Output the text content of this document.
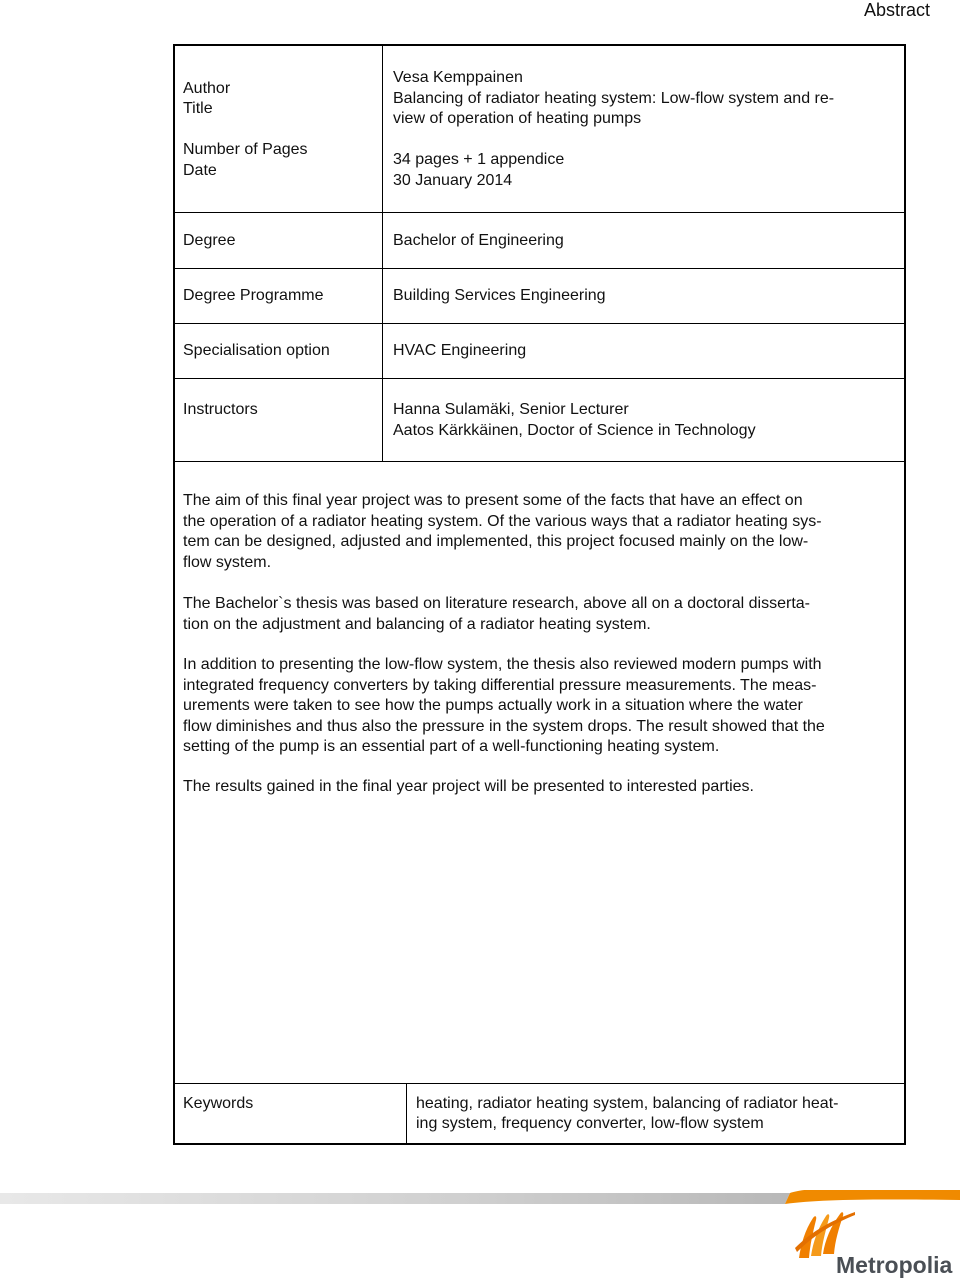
Abstract
Author
Title
Number of Pages
Date
Degree
Degree Programme
Specialisation option
Instructors
Vesa Kemppainen
Balancing of radiator heating system: Low-flow system and re-
view of operation of heating pumps
34 pages + 1 appendice
30 January 2014
Bachelor of Engineering
Building Services Engineering
HVAC Engineering
Hanna Sulamäki, Senior Lecturer
Aatos Kärkkäinen, Doctor of Science in Technology
The aim of this final year project was to present some of the facts that have an effect on
the operation of a radiator heating system. Of the various ways that a radiator heating sys-
tem can be designed, adjusted and implemented, this project focused mainly on the low-
flow system.
The Bachelor`s thesis was based on literature research, above all on a doctoral disserta-
tion on the adjustment and balancing of a radiator heating system.
In addition to presenting the low-flow system, the thesis also reviewed modern pumps with
integrated frequency converters by taking differential pressure measurements. The meas-
urements were taken to see how the pumps actually work in a situation where the water
flow diminishes and thus also the pressure in the system drops. The result showed that the
setting of the pump is an essential part of a well-functioning heating system.
The results gained in the final year project will be presented to interested parties.
Keywords	heating, radiator heating system, balancing of radiator heat-
ing system, frequency converter, low-flow system
Metropolia
